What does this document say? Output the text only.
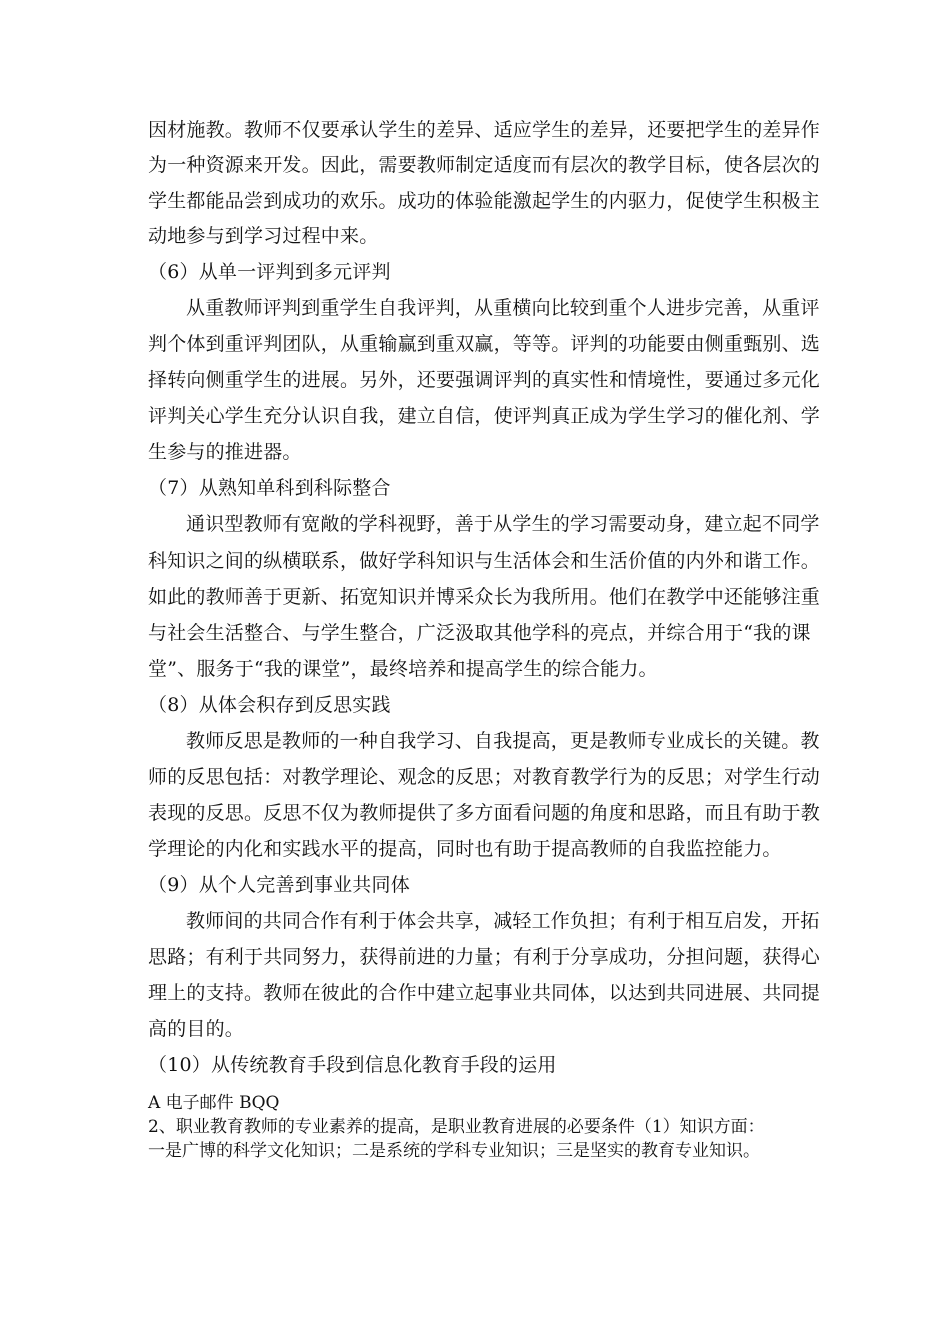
因材施教。教师不仅要承认学生的差异、适应学生的差异，还要把学生的差异作
为一种资源来开发。因此，需要教师制定适度而有层次的教学目标，使各层次的
学生都能品尝到成功的欢乐。成功的体验能激起学生的内驱力，促使学生积极主
动地参与到学习过程中来。
（6）从单一评判到多元评判
从重教师评判到重学生自我评判，从重横向比较到重个人进步完善，从重评
判个体到重评判团队，从重输赢到重双赢，等等。评判的功能要由侧重甄别、选
择转向侧重学生的进展。另外，还要强调评判的真实性和情境性，要通过多元化
评判关心学生充分认识自我，建立自信，使评判真正成为学生学习的催化剂、学
生参与的推进器。
（7）从熟知单科到科际整合
通识型教师有宽敞的学科视野，善于从学生的学习需要动身，建立起不同学
科知识之间的纵横联系，做好学科知识与生活体会和生活价值的内外和谐工作。
如此的教师善于更新、拓宽知识并博采众长为我所用。他们在教学中还能够注重
与社会生活整合、与学生整合，广泛汲取其他学科的亮点，并综合用于“我的课
堂”、服务于“我的课堂”，最终培养和提高学生的综合能力。
（8）从体会积存到反思实践
教师反思是教师的一种自我学习、自我提高，更是教师专业成长的关键。教
师的反思包括：对教学理论、观念的反思；对教育教学行为的反思；对学生行动
表现的反思。反思不仅为教师提供了多方面看问题的角度和思路，而且有助于教
学理论的内化和实践水平的提高，同时也有助于提高教师的自我监控能力。
（9）从个人完善到事业共同体
教师间的共同合作有利于体会共享，减轻工作负担；有利于相互启发，开拓
思路；有利于共同努力，获得前进的力量；有利于分享成功，分担问题，获得心
理上的支持。教师在彼此的合作中建立起事业共同体，以达到共同进展、共同提
高的目的。
（10）从传统教育手段到信息化教育手段的运用
A 电子邮件 BQQ
2、职业教育教师的专业素养的提高，是职业教育进展的必要条件（1）知识方面：
一是广博的科学文化知识；二是系统的学科专业知识；三是坚实的教育专业知识。
